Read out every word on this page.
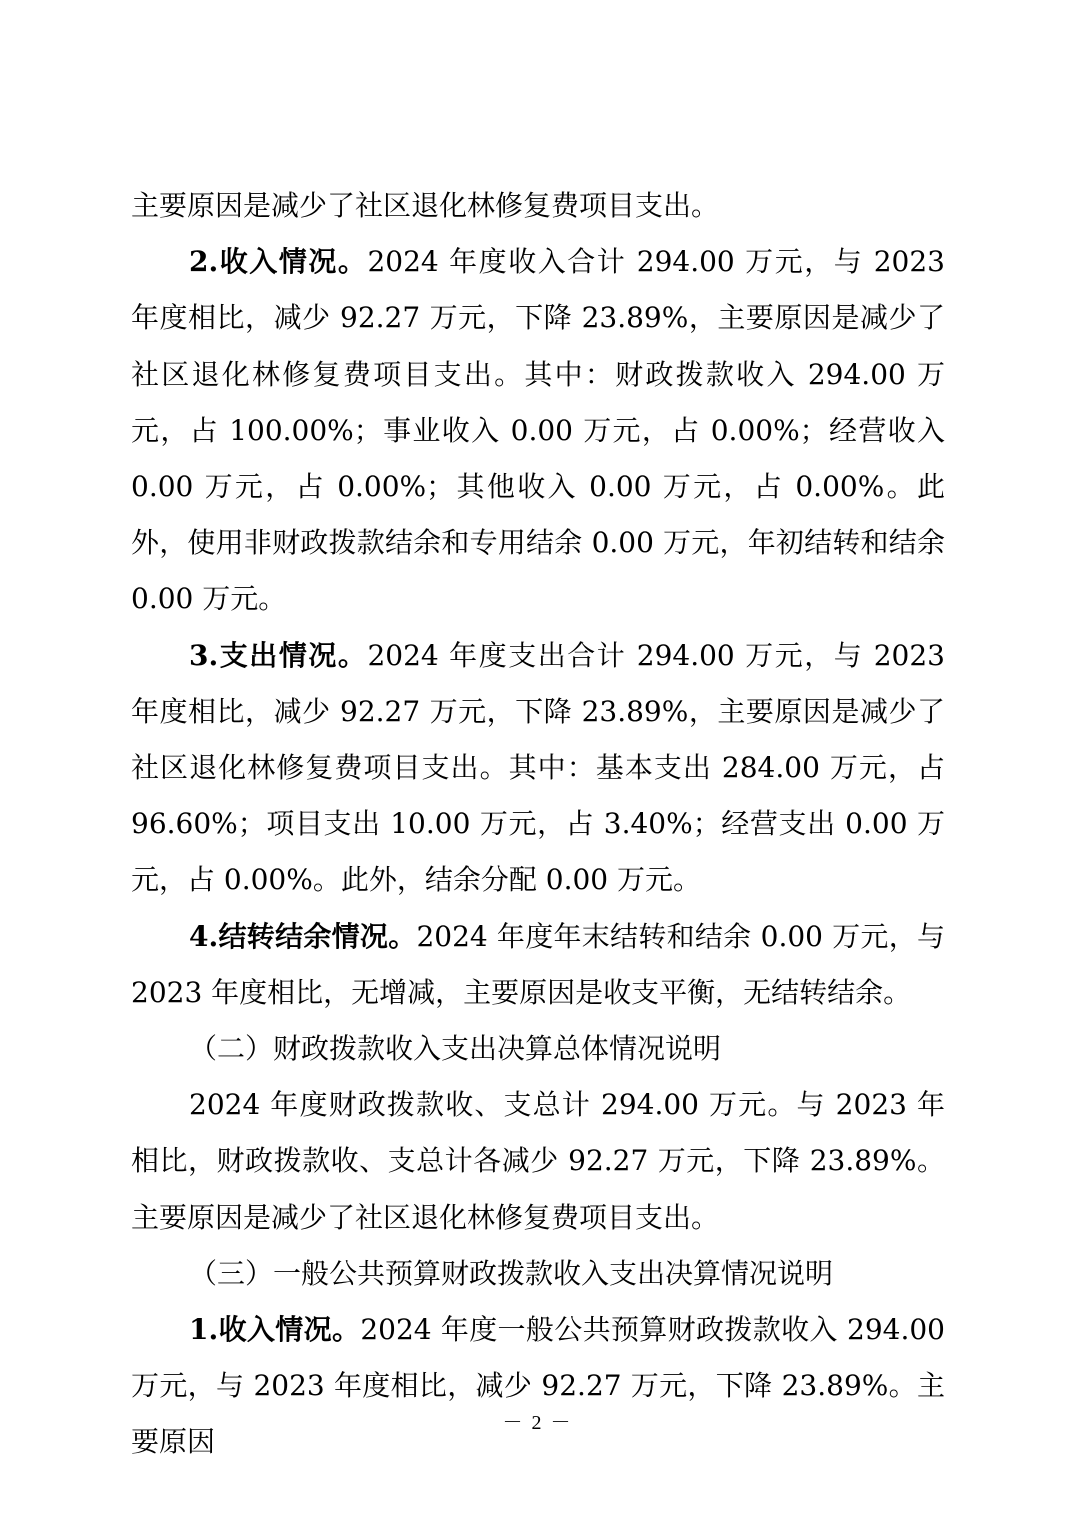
主要原因是减少了社区退化林修复费项目支出。

2.收入情况。2024 年度收入合计 294.00 万元，与 2023 年度相比，减少 92.27 万元，下降 23.89%，主要原因是减少了社区退化林修复费项目支出。其中：财政拨款收入 294.00 万元，占 100.00%；事业收入 0.00 万元，占 0.00%；经营收入 0.00 万元，占 0.00%；其他收入 0.00 万元，占 0.00%。此外，使用非财政拨款结余和专用结余 0.00 万元，年初结转和结余 0.00 万元。

3.支出情况。2024 年度支出合计 294.00 万元，与 2023 年度相比，减少 92.27 万元，下降 23.89%，主要原因是减少了社区退化林修复费项目支出。其中：基本支出 284.00 万元，占 96.60%；项目支出 10.00 万元，占 3.40%；经营支出 0.00 万元，占 0.00%。此外，结余分配 0.00 万元。

4.结转结余情况。2024 年度年末结转和结余 0.00 万元，与 2023 年度相比，无增减，主要原因是收支平衡，无结转结余。

（二）财政拨款收入支出决算总体情况说明

2024 年度财政拨款收、支总计 294.00 万元。与 2023 年相比，财政拨款收、支总计各减少 92.27 万元，下降 23.89%。主要原因是减少了社区退化林修复费项目支出。

（三）一般公共预算财政拨款收入支出决算情况说明

1.收入情况。2024 年度一般公共预算财政拨款收入 294.00 万元，与 2023 年度相比，减少 92.27 万元，下降 23.89%。主要原因

－ 2 －
